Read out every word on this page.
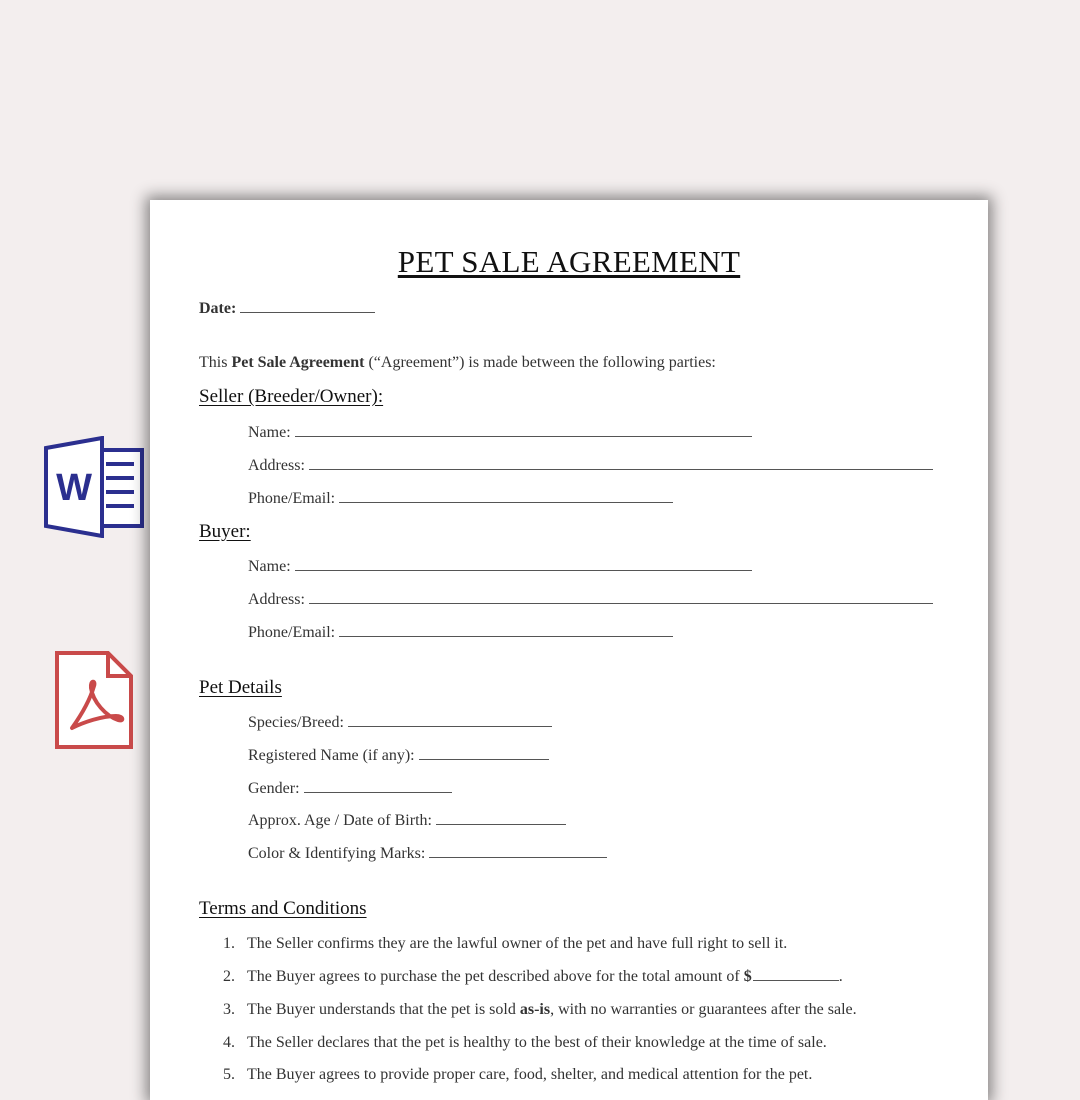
W
PET SALE AGREEMENT
Date:
This Pet Sale Agreement (“Agreement”) is made between the following parties:
Seller (Breeder/Owner):
Name:
Address:
Phone/Email:
Buyer:
Name:
Address:
Phone/Email:
Pet Details
Species/Breed:
Registered Name (if any):
Gender:
Approx. Age / Date of Birth:
Color & Identifying Marks:
Terms and Conditions
1. The Seller confirms they are the lawful owner of the pet and have full right to sell it.
2. The Buyer agrees to purchase the pet described above for the total amount of $	.
3. The Buyer understands that the pet is sold as-is, with no warranties or guarantees after the sale.
4. The Seller declares that the pet is healthy to the best of their knowledge at the time of sale.
5. The Buyer agrees to provide proper care, food, shelter, and medical attention for the pet.
